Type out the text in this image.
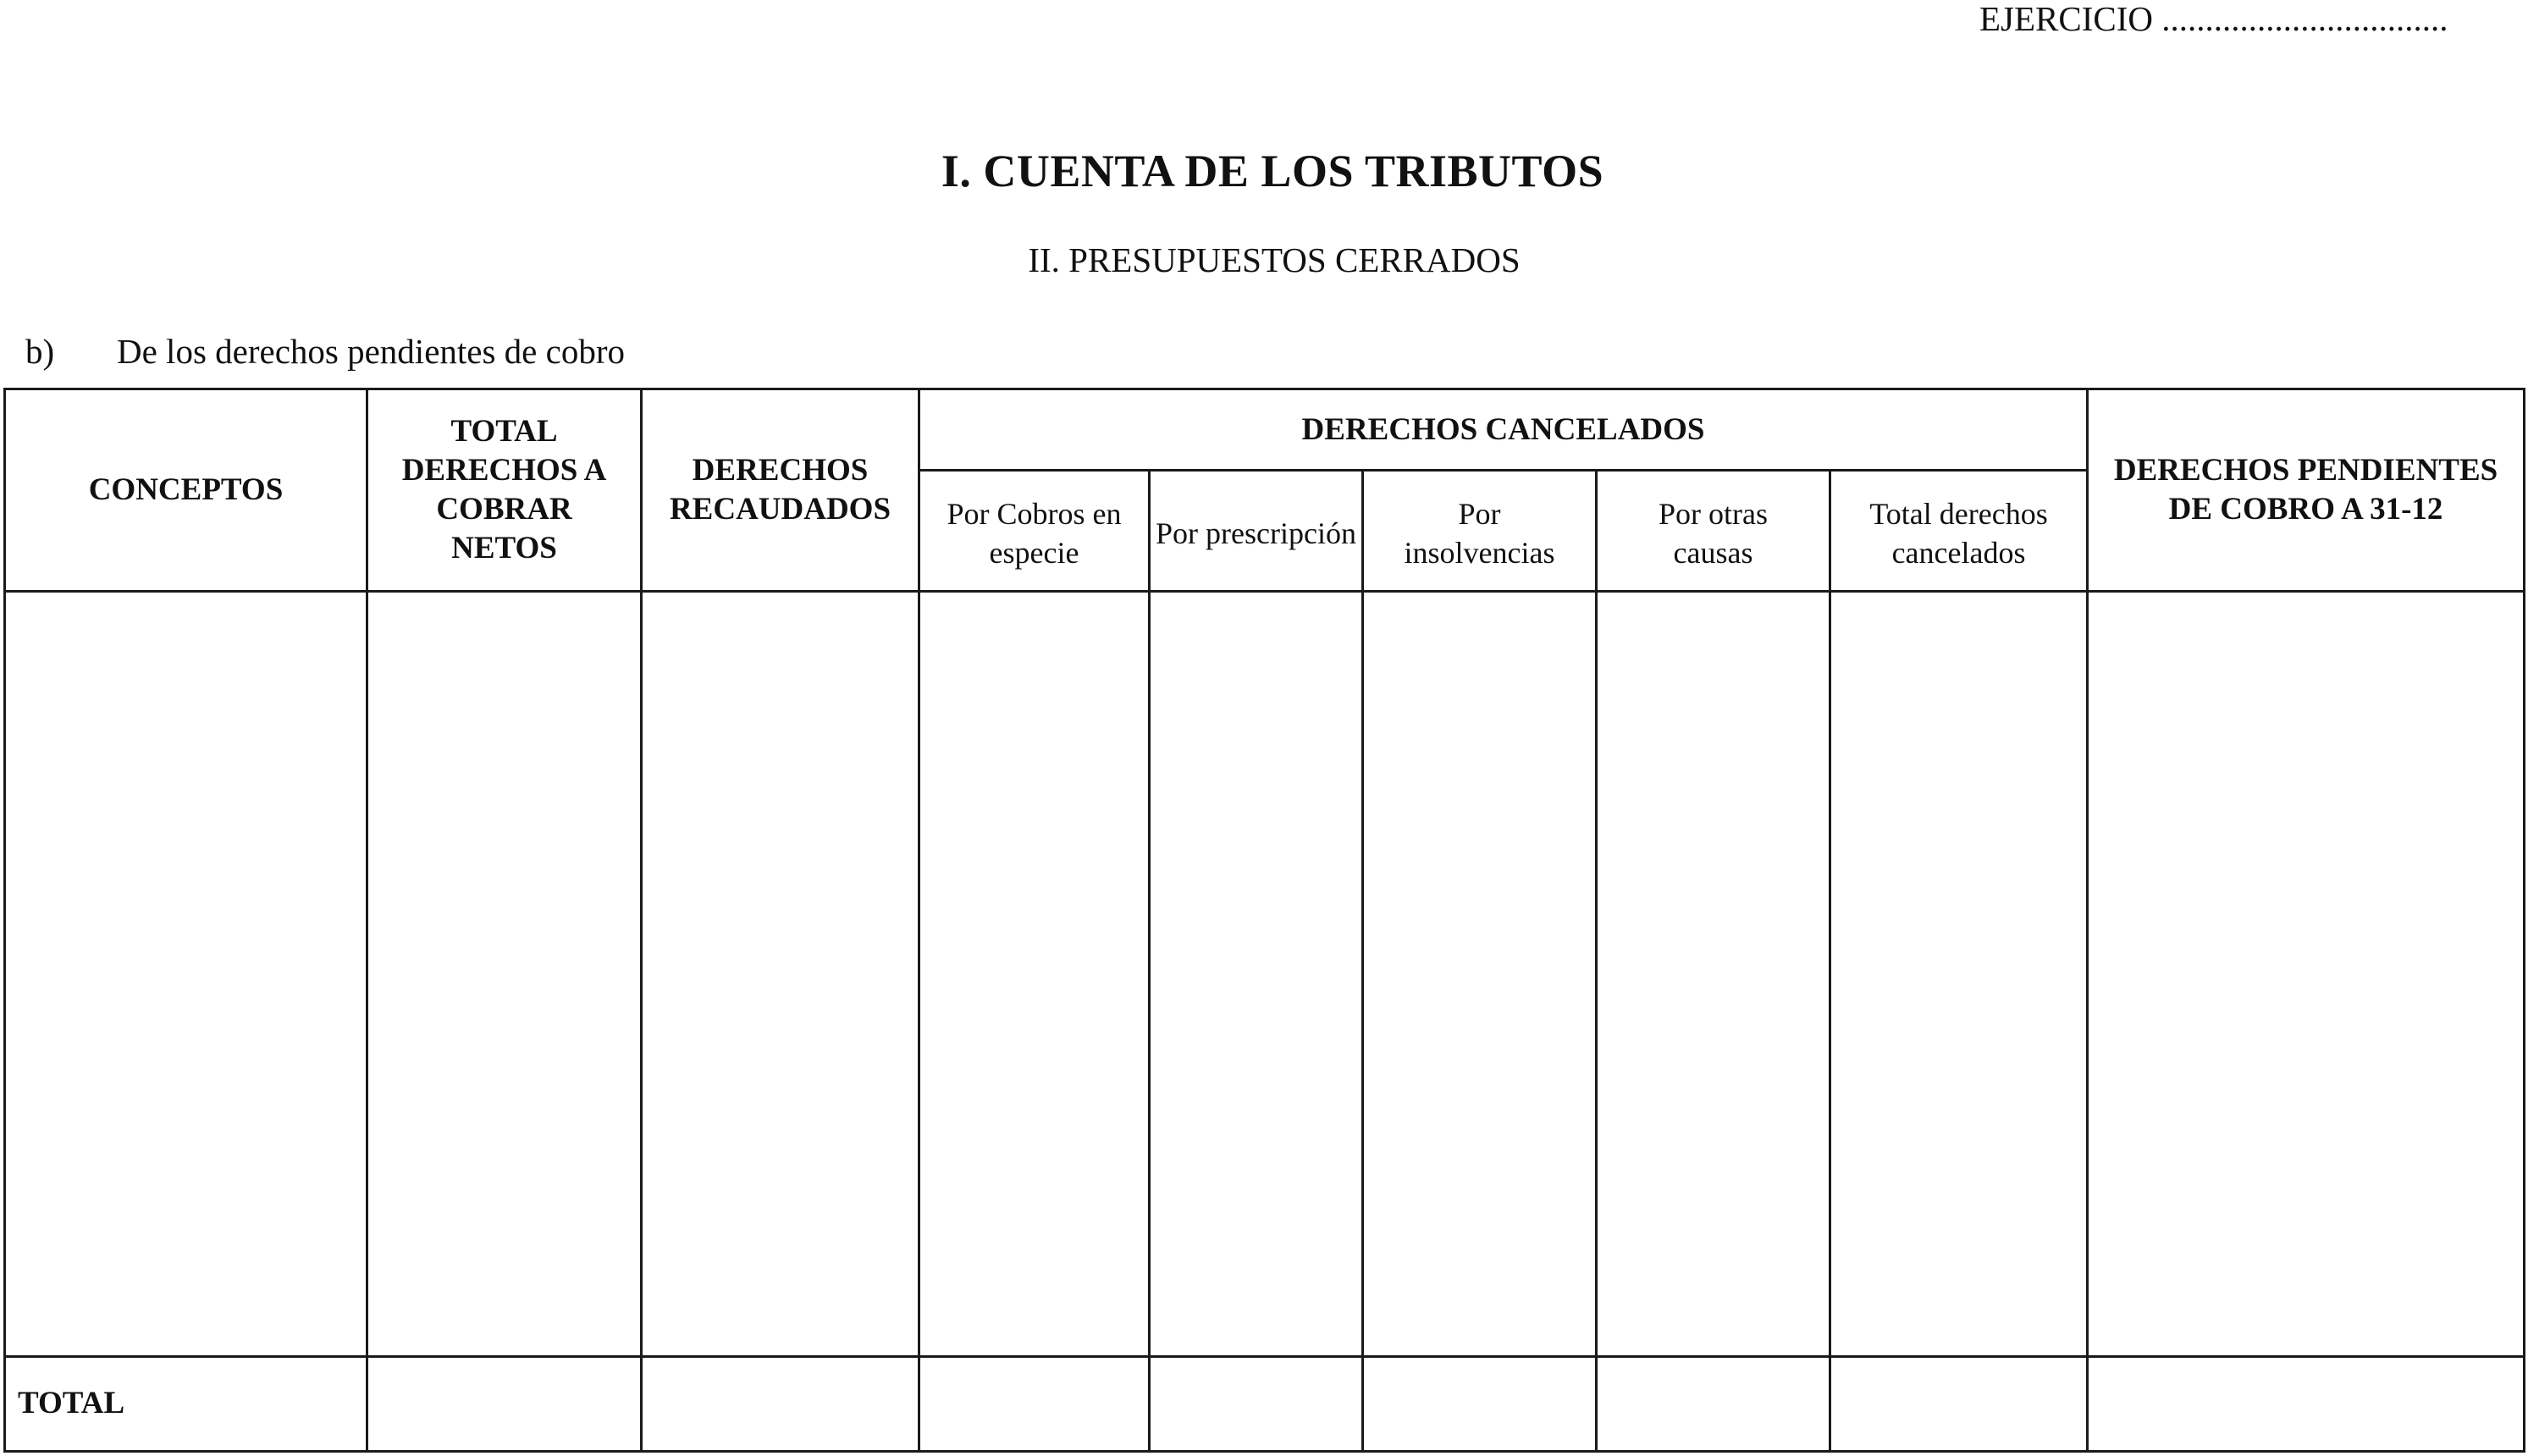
EJERCICIO .................................
I. CUENTA DE LOS TRIBUTOS
II. PRESUPUESTOS CERRADOS
b) De los derechos pendientes de cobro
CONCEPTOS	TOTAL DERECHOS A COBRAR NETOS	DERECHOS RECAUDADOS	DERECHOS CANCELADOS					DERECHOS PENDIENTES DE COBRO A 31-12
			Por Cobros en especie	Por prescripción	Por insolvencias	Por otras causas	Total derechos cancelados	

TOTAL								
